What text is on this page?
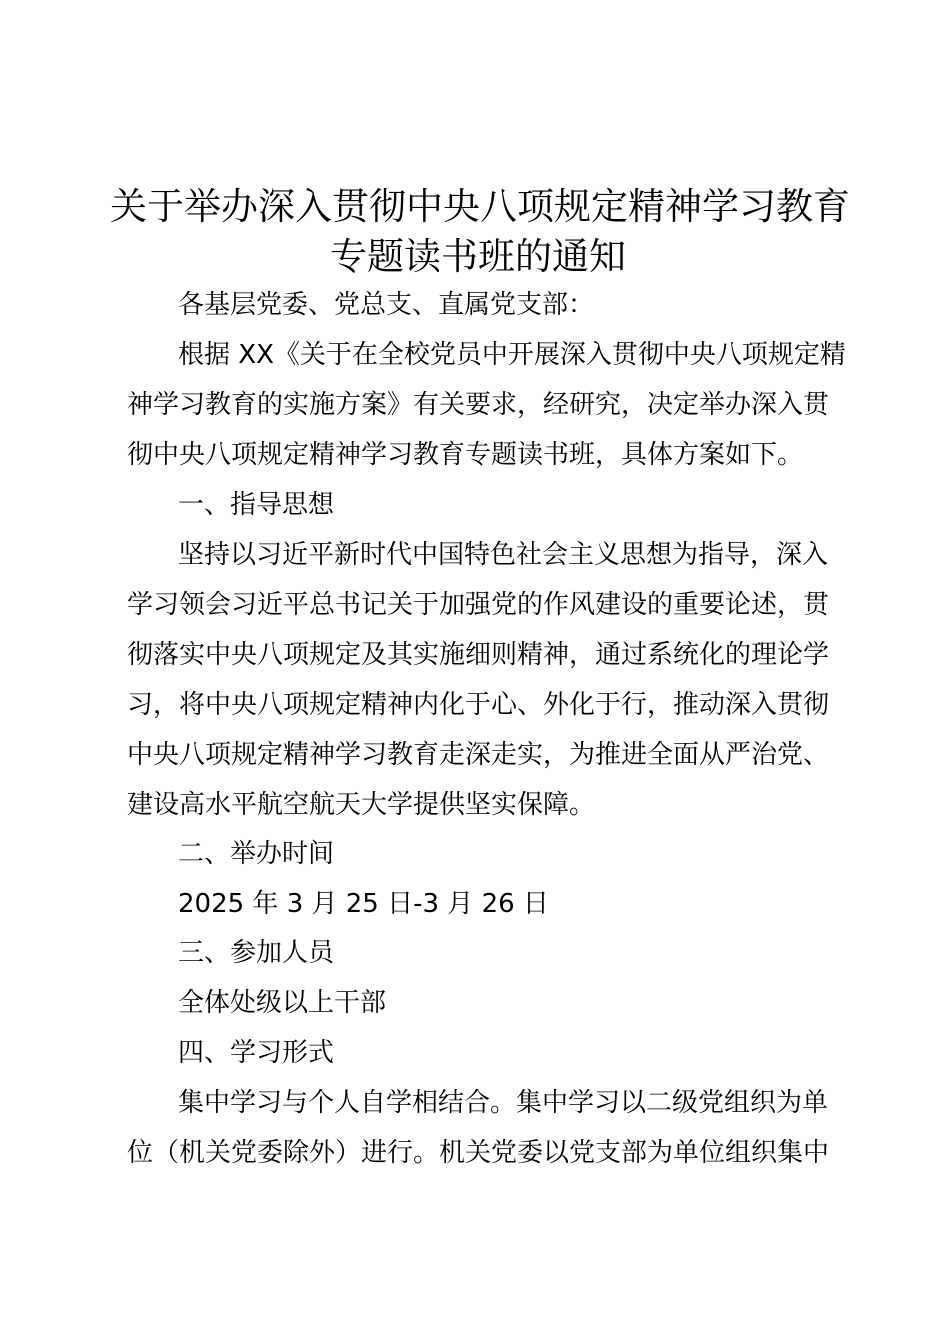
关于举办深入贯彻中央八项规定精神学习教育
专题读书班的通知
各基层党委、党总支、直属党支部：
根据 XX《关于在全校党员中开展深入贯彻中央八项规定精
神学习教育的实施方案》有关要求，经研究，决定举办深入贯
彻中央八项规定精神学习教育专题读书班，具体方案如下。
一、指导思想
坚持以习近平新时代中国特色社会主义思想为指导，深入
学习领会习近平总书记关于加强党的作风建设的重要论述，贯
彻落实中央八项规定及其实施细则精神，通过系统化的理论学
习，将中央八项规定精神内化于心、外化于行，推动深入贯彻
中央八项规定精神学习教育走深走实，为推进全面从严治党、
建设高水平航空航天大学提供坚实保障。
二、举办时间
2025 年 3 月 25 日-3 月 26 日
三、参加人员
全体处级以上干部
四、学习形式
集中学习与个人自学相结合。集中学习以二级党组织为单
位（机关党委除外）进行。机关党委以党支部为单位组织集中
